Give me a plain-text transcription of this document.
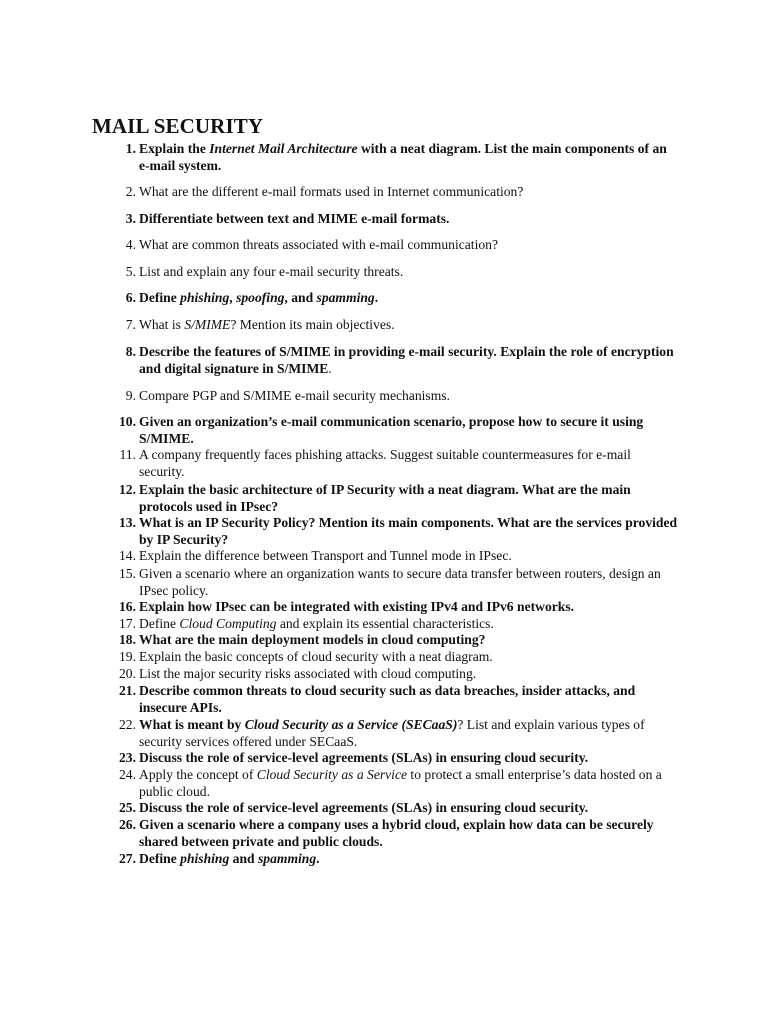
MAIL SECURITY
1. Explain the Internet Mail Architecture with a neat diagram. List the main components of an e-mail system.
2. What are the different e-mail formats used in Internet communication?
3. Differentiate between text and MIME e-mail formats.
4. What are common threats associated with e-mail communication?
5. List and explain any four e-mail security threats.
6. Define phishing, spoofing, and spamming.
7. What is S/MIME? Mention its main objectives.
8. Describe the features of S/MIME in providing e-mail security. Explain the role of encryption and digital signature in S/MIME.
9. Compare PGP and S/MIME e-mail security mechanisms.
10. Given an organization’s e-mail communication scenario, propose how to secure it using S/MIME.
11. A company frequently faces phishing attacks. Suggest suitable countermeasures for e-mail security.
12. Explain the basic architecture of IP Security with a neat diagram. What are the main protocols used in IPsec?
13. What is an IP Security Policy? Mention its main components. What are the services provided by IP Security?
14. Explain the difference between Transport and Tunnel mode in IPsec.
15. Given a scenario where an organization wants to secure data transfer between routers, design an IPsec policy.
16. Explain how IPsec can be integrated with existing IPv4 and IPv6 networks.
17. Define Cloud Computing and explain its essential characteristics.
18. What are the main deployment models in cloud computing?
19. Explain the basic concepts of cloud security with a neat diagram.
20. List the major security risks associated with cloud computing.
21. Describe common threats to cloud security such as data breaches, insider attacks, and insecure APIs.
22. What is meant by Cloud Security as a Service (SECaaS)? List and explain various types of security services offered under SECaaS.
23. Discuss the role of service-level agreements (SLAs) in ensuring cloud security.
24. Apply the concept of Cloud Security as a Service to protect a small enterprise’s data hosted on a public cloud.
25. Discuss the role of service-level agreements (SLAs) in ensuring cloud security.
26. Given a scenario where a company uses a hybrid cloud, explain how data can be securely shared between private and public clouds.
27. Define phishing and spamming.
